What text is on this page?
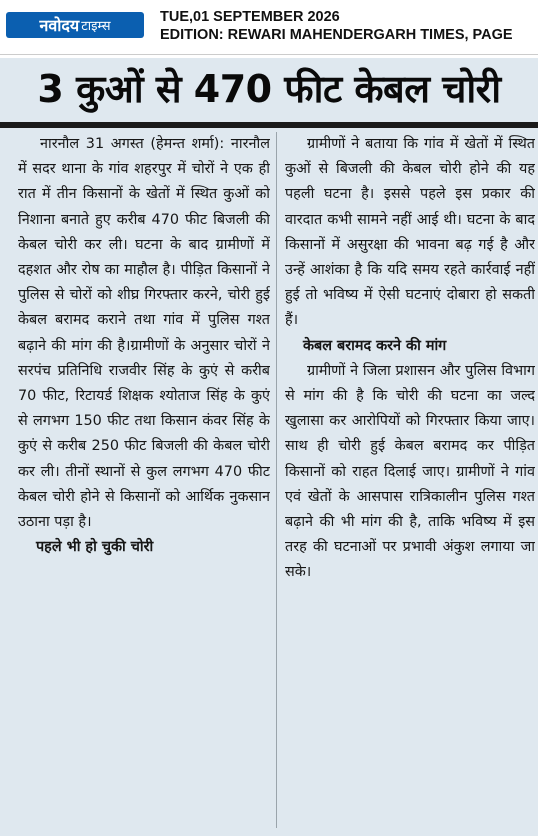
नवोदय टाइम्स
TUE,01 SEPTEMBER 2026
EDITION: REWARI MAHENDERGARH TIMES, PAGE
3 कुओं से 470 फीट केबल चोरी

नारनौल 31 अगस्त (हेमन्त शर्मा): नारनौल में सदर थाना के गांव शहरपुर में चोरों ने एक ही रात में तीन किसानों के खेतों में स्थित कुओं को निशाना बनाते हुए करीब 470 फीट बिजली की केबल चोरी कर ली। घटना के बाद ग्रामीणों में दहशत और रोष का माहौल है। पीड़ित किसानों ने पुलिस से चोरों को शीघ्र गिरफ्तार करने, चोरी हुई केबल बरामद कराने तथा गांव में पुलिस गश्त बढ़ाने की मांग की है।ग्रामीणों के अनुसार चोरों ने सरपंच प्रतिनिधि राजवीर सिंह के कुएं से करीब 70 फीट, रिटायर्ड शिक्षक श्योताज सिंह के कुएं से लगभग 150 फीट तथा किसान कंवर सिंह के कुएं से करीब 250 फीट बिजली की केबल चोरी कर ली। तीनों स्थानों से कुल लगभग 470 फीट केबल चोरी होने से किसानों को आर्थिक नुकसान उठाना पड़ा है।

पहले भी हो चुकी चोरी

ग्रामीणों ने बताया कि गांव में खेतों में स्थित कुओं से बिजली की केबल चोरी होने की यह पहली घटना है। इससे पहले इस प्रकार की वारदात कभी सामने नहीं आई थी। घटना के बाद किसानों में असुरक्षा की भावना बढ़ गई है और उन्हें आशंका है कि यदि समय रहते कार्रवाई नहीं हुई तो भविष्य में ऐसी घटनाएं दोबारा हो सकती हैं।

केबल बरामद करने की मांग

ग्रामीणों ने जिला प्रशासन और पुलिस विभाग से मांग की है कि चोरी की घटना का जल्द खुलासा कर आरोपियों को गिरफ्तार किया जाए। साथ ही चोरी हुई केबल बरामद कर पीड़ित किसानों को राहत दिलाई जाए। ग्रामीणों ने गांव एवं खेतों के आसपास रात्रिकालीन पुलिस गश्त बढ़ाने की भी मांग की है, ताकि भविष्य में इस तरह की घटनाओं पर प्रभावी अंकुश लगाया जा सके।
